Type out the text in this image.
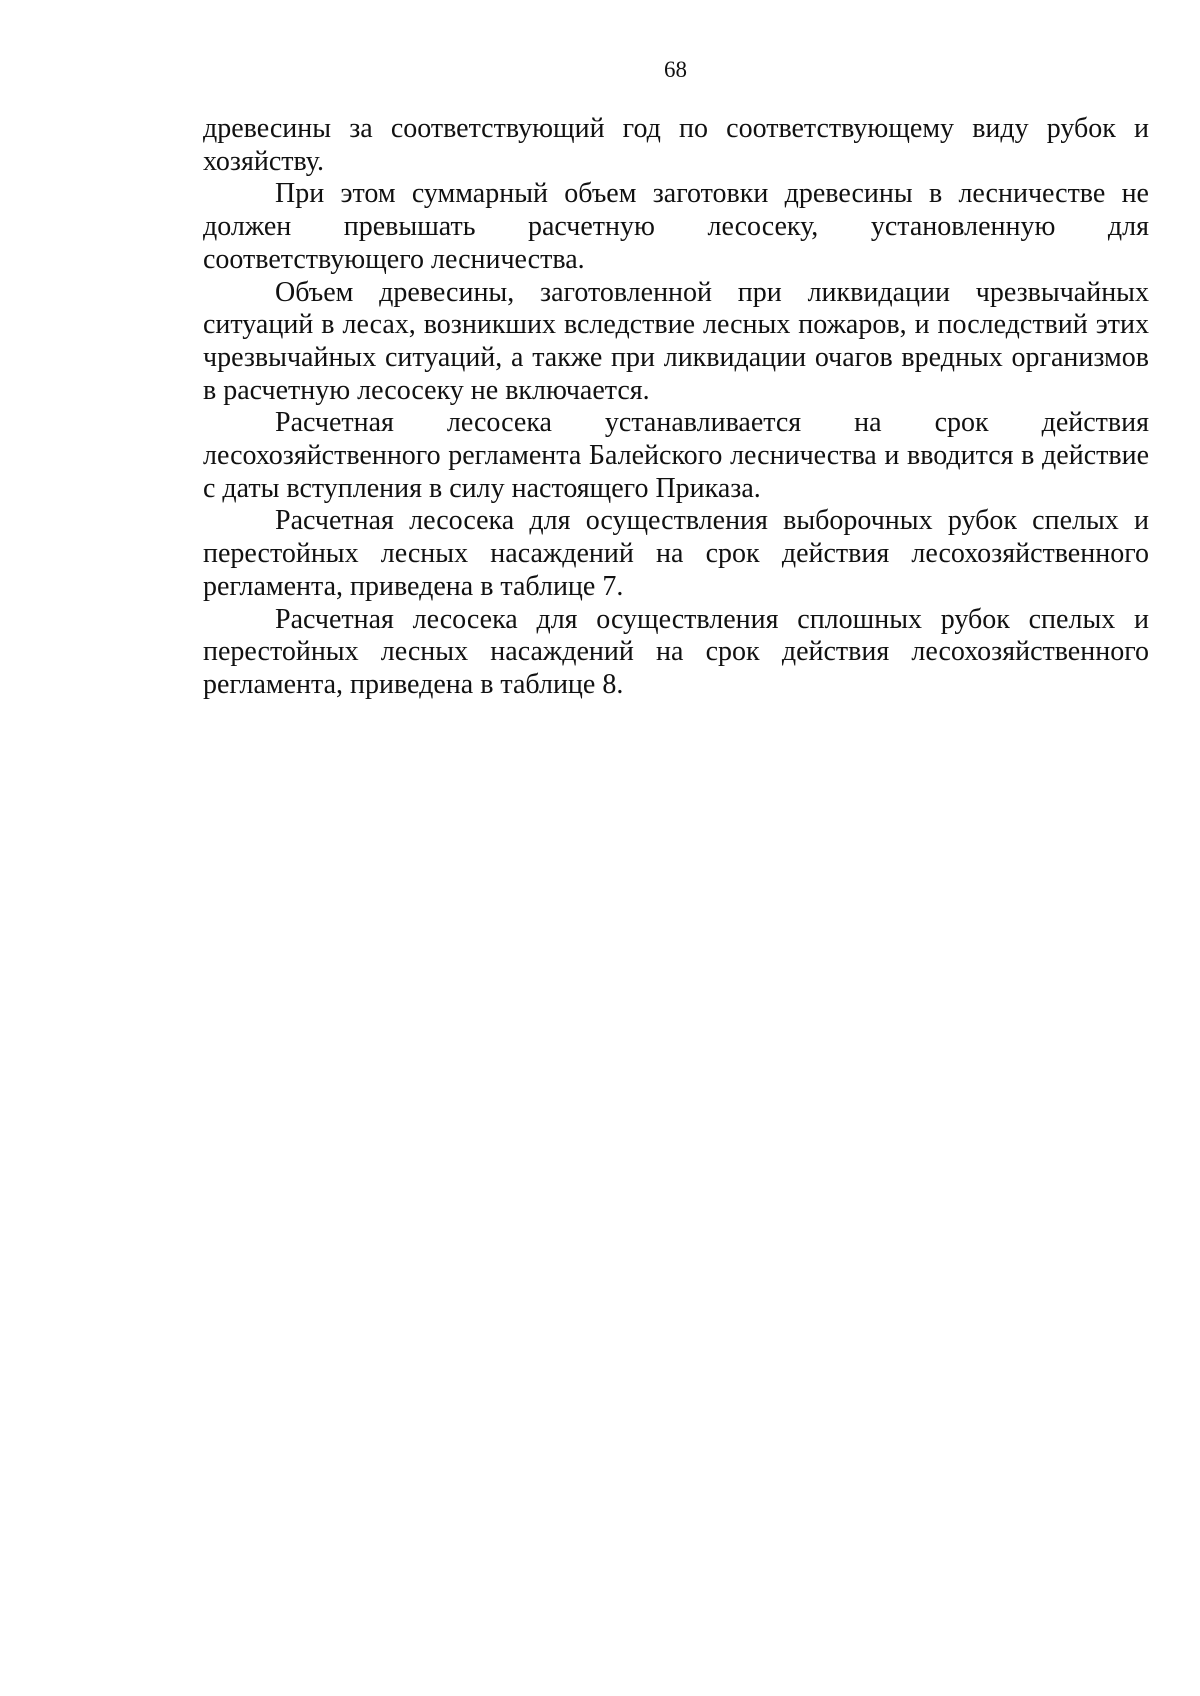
68

древесины за соответствующий год по соответствующему виду рубок и хозяйству.

При этом суммарный объем заготовки древесины в лесничестве не должен превышать расчетную лесосеку, установленную для соответствующего лесничества.

Объем древесины, заготовленной при ликвидации чрезвычайных ситуаций в лесах, возникших вследствие лесных пожаров, и последствий этих чрезвычайных ситуаций, а также при ликвидации очагов вредных организмов в расчетную лесосеку не включается.

Расчетная лесосека устанавливается на срок действия лесохозяйственного регламента Балейского лесничества и вводится в действие с даты вступления в силу настоящего Приказа.

Расчетная лесосека для осуществления выборочных рубок спелых и перестойных лесных насаждений на срок действия лесохозяйственного регламента, приведена в таблице 7.

Расчетная лесосека для осуществления сплошных рубок спелых и перестойных лесных насаждений на срок действия лесохозяйственного регламента, приведена в таблице 8.
